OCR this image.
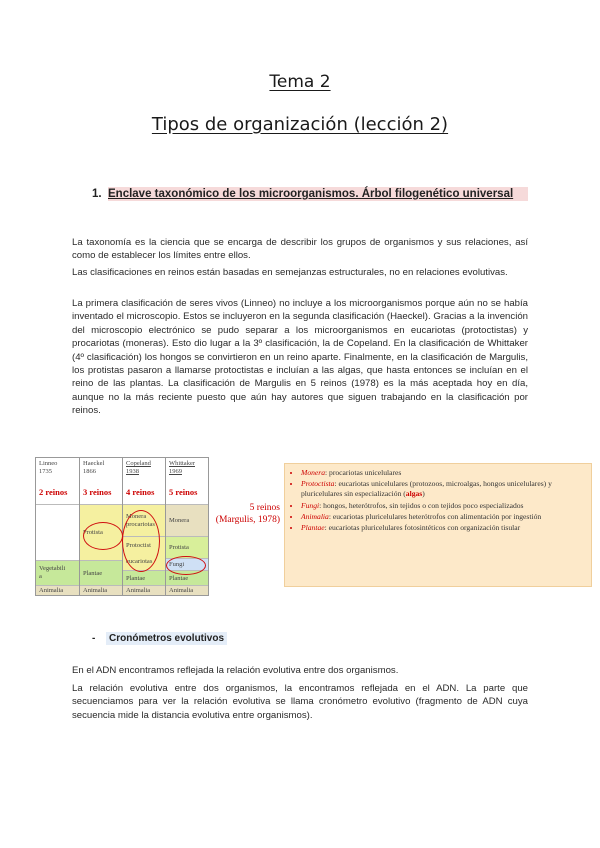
Tema 2
Tipos de organización (lección 2)
1. Enclave taxonómico de los microorganismos. Árbol filogenético universal

La taxonomía es la ciencia que se encarga de describir los grupos de organismos y sus relaciones, así como de establecer los límites entre ellos.

Las clasificaciones en reinos están basadas en semejanzas estructurales, no en relaciones evolutivas.

La primera clasificación de seres vivos (Linneo) no incluye a los microorganismos porque aún no se había inventado el microscopio. Estos se incluyeron en la segunda clasificación (Haeckel). Gracias a la invención del microscopio electrónico se pudo separar a los microorganismos en eucariotas (protoctistas) y procariotas (moneras). Esto dio lugar a la 3º clasificación, la de Copeland. En la clasificación de Whittaker (4º clasificación) los hongos se convirtieron en un reino aparte. Finalmente, en la clasificación de Margulis, los protistas pasaron a llamarse protoctistas e incluían a las algas, que hasta entonces se incluían en el reino de las plantas. La clasificación de Margulis en 5 reinos (1978) es la más aceptada hoy en día, aunque no la más reciente puesto que aún hay autores que siguen trabajando en la clasificación por reinos.

Linneo
1735
2 reinos
Vegetabili
a
Animalia
Haeckel
1866
3 reinos
Protista
Plantae
Animalia
Copeland
1938
4 reinos
Monera
procariotas
Protoctist

eucariotas
Plantae
Animalia
Whittaker
1969
5 reinos
Monera
Protista
Fungi
Plantae
Animalia
5 reinos
(Margulis, 1978)
• Monera: procariotas unicelulares
• Protoctista: eucariotas unicelulares (protozoos, microalgas, hongos unicelulares) y pluricelulares sin especialización (algas)
• Fungi: hongos, heterótrofos, sin tejidos o con tejidos poco especializados
• Animalia: eucariotas pluricelulares heterótrofos con alimentación por ingestión
• Plantae: eucariotas pluricelulares fotosintéticos con organización tisular
- Cronómetros evolutivos

En el ADN encontramos reflejada la relación evolutiva entre dos organismos.

La relación evolutiva entre dos organismos, la encontramos reflejada en el ADN. La parte que secuenciamos para ver la relación evolutiva se llama cronómetro evolutivo (fragmento de ADN cuya secuencia mide la distancia evolutiva entre organismos).
